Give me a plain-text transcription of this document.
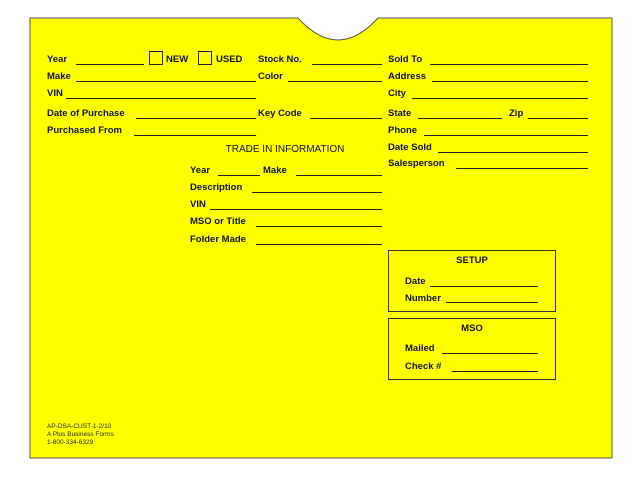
Year	NEW	USED Stock No.
Make	Color
VIN
Date of Purchase	Key Code
Purchased From
Sold To
Address
City
State	Zip
Phone
Date Sold
Salesperson
TRADE IN INFORMATION
Year	Make
Description
VIN
MSO or Title
Folder Made
SETUP
Date
Number
MSO
Mailed
Check #
AP-DSA-CUST-1-2/10
A Plus Business Forms
1-800-334-6329
